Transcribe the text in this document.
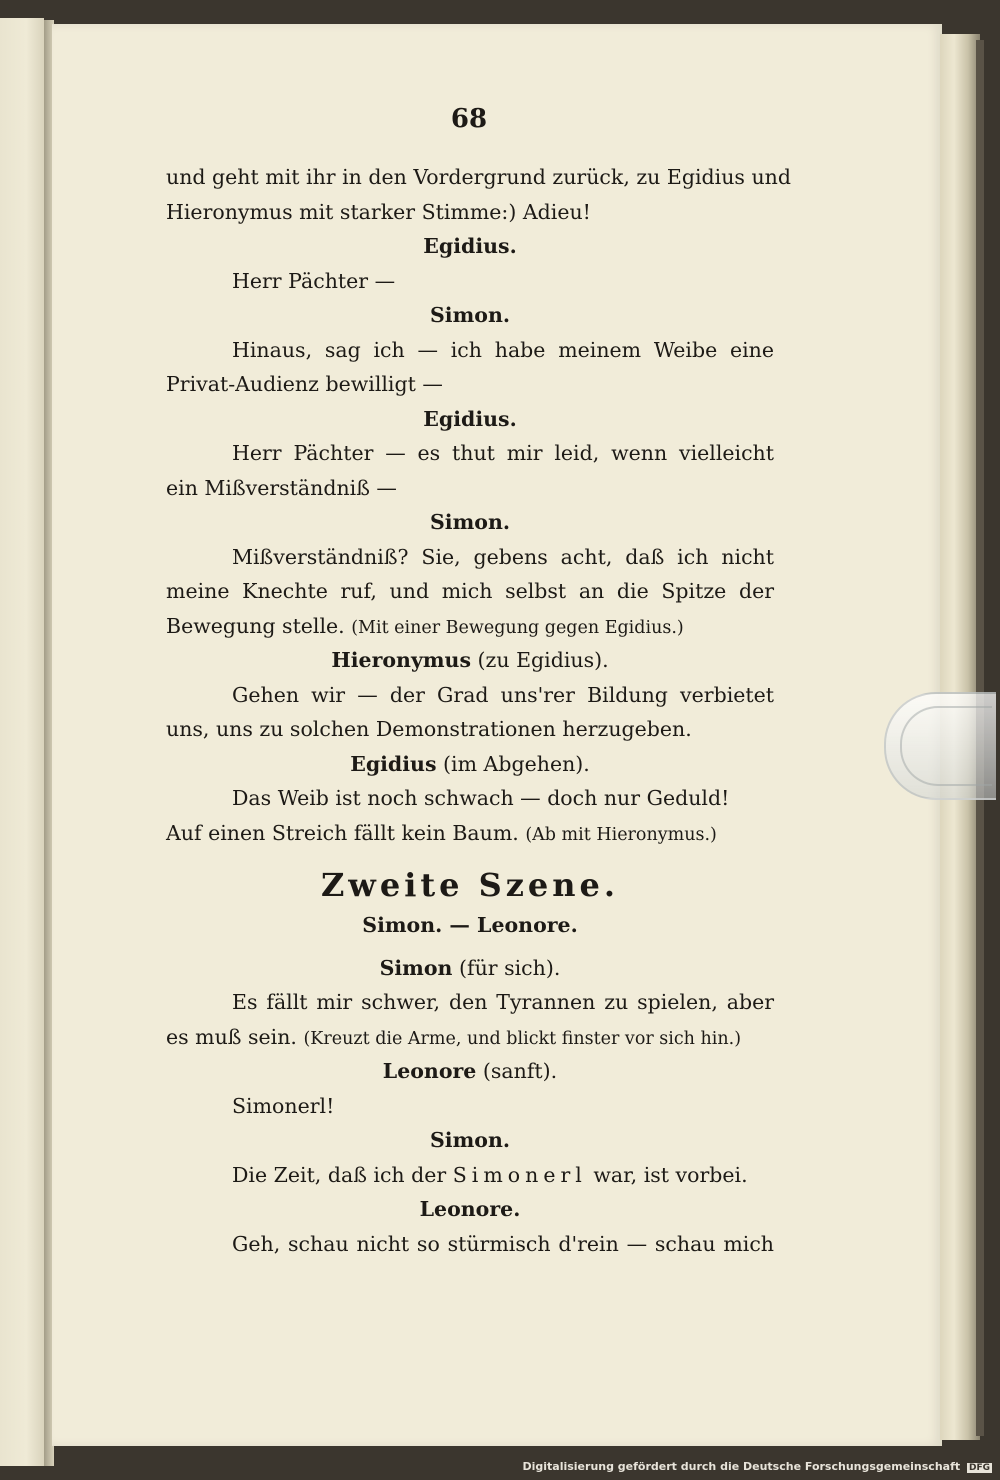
68
und geht mit ihr in den Vordergrund zurück, zu Egidius und
Hieronymus mit starker Stimme:) Adieu!
Egidius.
Herr Pächter —
Simon.
Hinaus, sag ich — ich habe meinem Weibe eine
Privat-Audienz bewilligt —
Egidius.
Herr Pächter — es thut mir leid, wenn vielleicht
ein Mißverständniß —
Simon.
Mißverständniß? Sie, gebens acht, daß ich nicht
meine Knechte ruf, und mich selbst an die Spitze der
Bewegung stelle. (Mit einer Bewegung gegen Egidius.)
Hieronymus (zu Egidius).
Gehen wir — der Grad uns'rer Bildung verbietet
uns, uns zu solchen Demonstrationen herzugeben.
Egidius (im Abgehen).
Das Weib ist noch schwach — doch nur Geduld!
Auf einen Streich fällt kein Baum. (Ab mit Hieronymus.)
Zweite Szene.
Simon. — Leonore.
Simon (für sich).
Es fällt mir schwer, den Tyrannen zu spielen, aber
es muß sein. (Kreuzt die Arme, und blickt finster vor sich hin.)
Leonore (sanft).
Simonerl!
Simon.
Die Zeit, daß ich der Simonerl war, ist vorbei.
Leonore.
Geh, schau nicht so stürmisch d'rein — schau mich
Digitalisierung gefördert durch die Deutsche Forschungsgemeinschaft DFG
